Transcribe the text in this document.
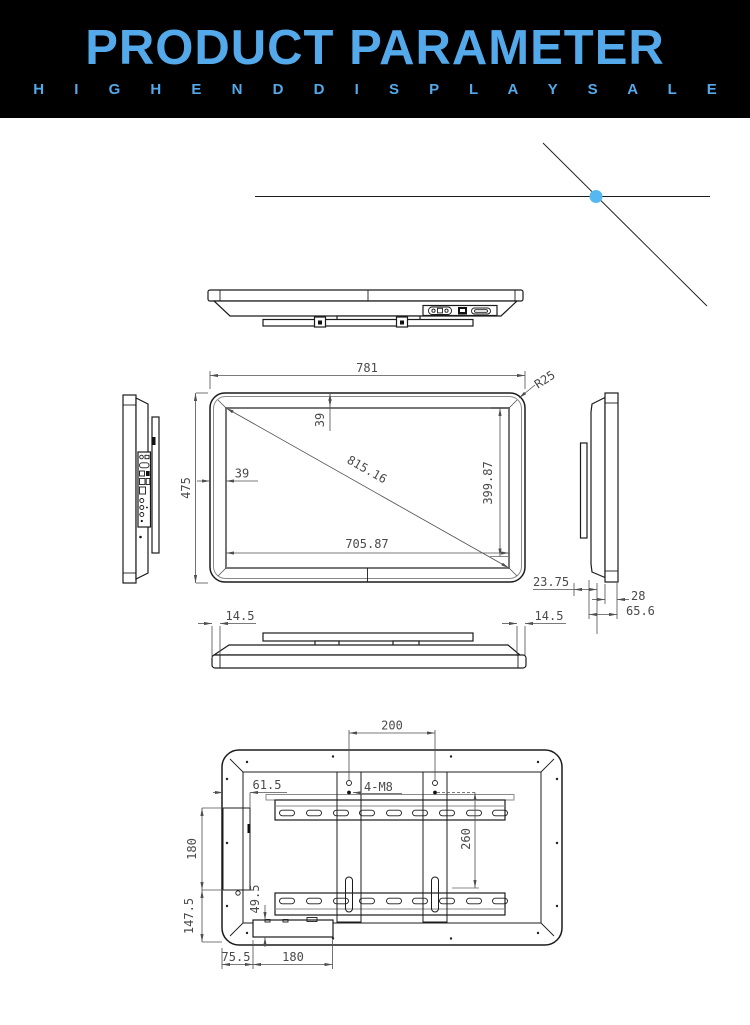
815.16
781	R25
39
39
475	399.87
705.87
23.75
28
65.6
14.5	14.5
200
61.5	4-M8
260
180
147.5	49.5
75.5	180
PRODUCT PARAMETER
H I G H E N D D I S P L A Y S A L E
